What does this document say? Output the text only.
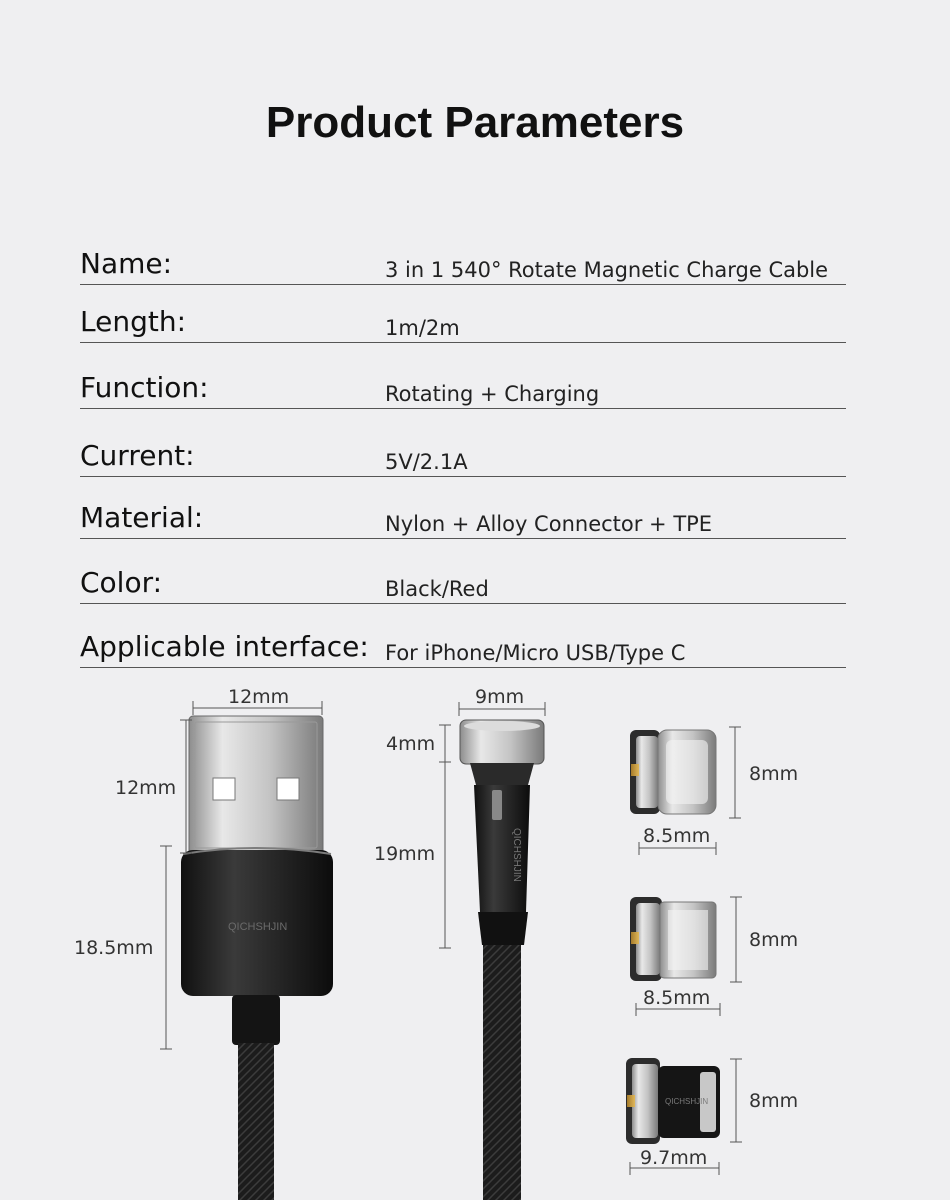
Product Parameters
Name:	3 in 1 540° Rotate Magnetic Charge Cable
Length:	1m/2m
Function:	Rotating + Charging
Current:	5V/2.1A
Material:	Nylon + Alloy Connector + TPE
Color:	Black/Red
Applicable interface: For iPhone/Micro USB/Type C
QICHSHJIN
12mm
12mm
18.5mm
QICHSHJIN
9mm
4mm
19mm
8mm
8.5mm
8mm
8.5mm
QICHSHJIN 8mm
9.7mm
